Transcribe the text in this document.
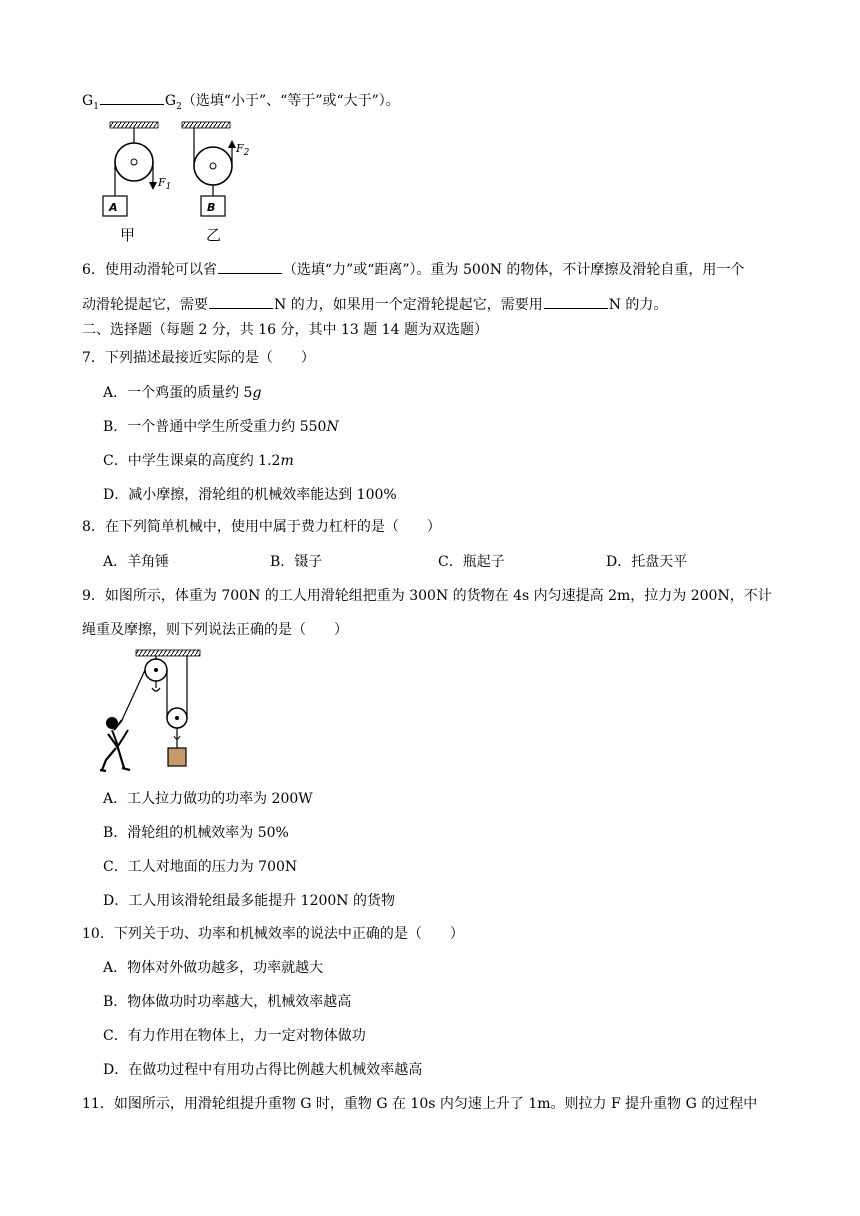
$G_1$	$G_2$（选填“小于”、“等于”或“大于”）。
A	B
$F_1$
$F_2$
甲	乙
6．使用动滑轮可以省	（选填“力”或“距离”）。重为 500N 的物体，不计摩擦及滑轮自重，用一个
动滑轮提起它，需要	N 的力，如果用一个定滑轮提起它，需要用	N 的力。
二、选择题（每题 2 分，共 16 分，其中 13 题 14 题为双选题）
7．下列描述最接近实际的是（　　）
A．一个鸡蛋的质量约 5g
B．一个普通中学生所受重力约 550N
C．中学生课桌的高度约 1.2m
D．减小摩擦，滑轮组的机械效率能达到 100%
8．在下列简单机械中，使用中属于费力杠杆的是（　　）
A．羊角锤	B．镊子	C．瓶起子	D．托盘天平
9．如图所示，体重为 700N 的工人用滑轮组把重为 300N 的货物在 4s 内匀速提高 2m，拉力为 200N，不计
绳重及摩擦，则下列说法正确的是（　　）
A．工人拉力做功的功率为 200W
B．滑轮组的机械效率为 50%
C．工人对地面的压力为 700N
D．工人用该滑轮组最多能提升 1200N 的货物
10．下列关于功、功率和机械效率的说法中正确的是（　　）
A．物体对外做功越多，功率就越大
B．物体做功时功率越大，机械效率越高
C．有力作用在物体上，力一定对物体做功
D．在做功过程中有用功占得比例越大机械效率越高
11．如图所示，用滑轮组提升重物 G 时，重物 G 在 10s 内匀速上升了 1m。则拉力 F 提升重物 G 的过程中
